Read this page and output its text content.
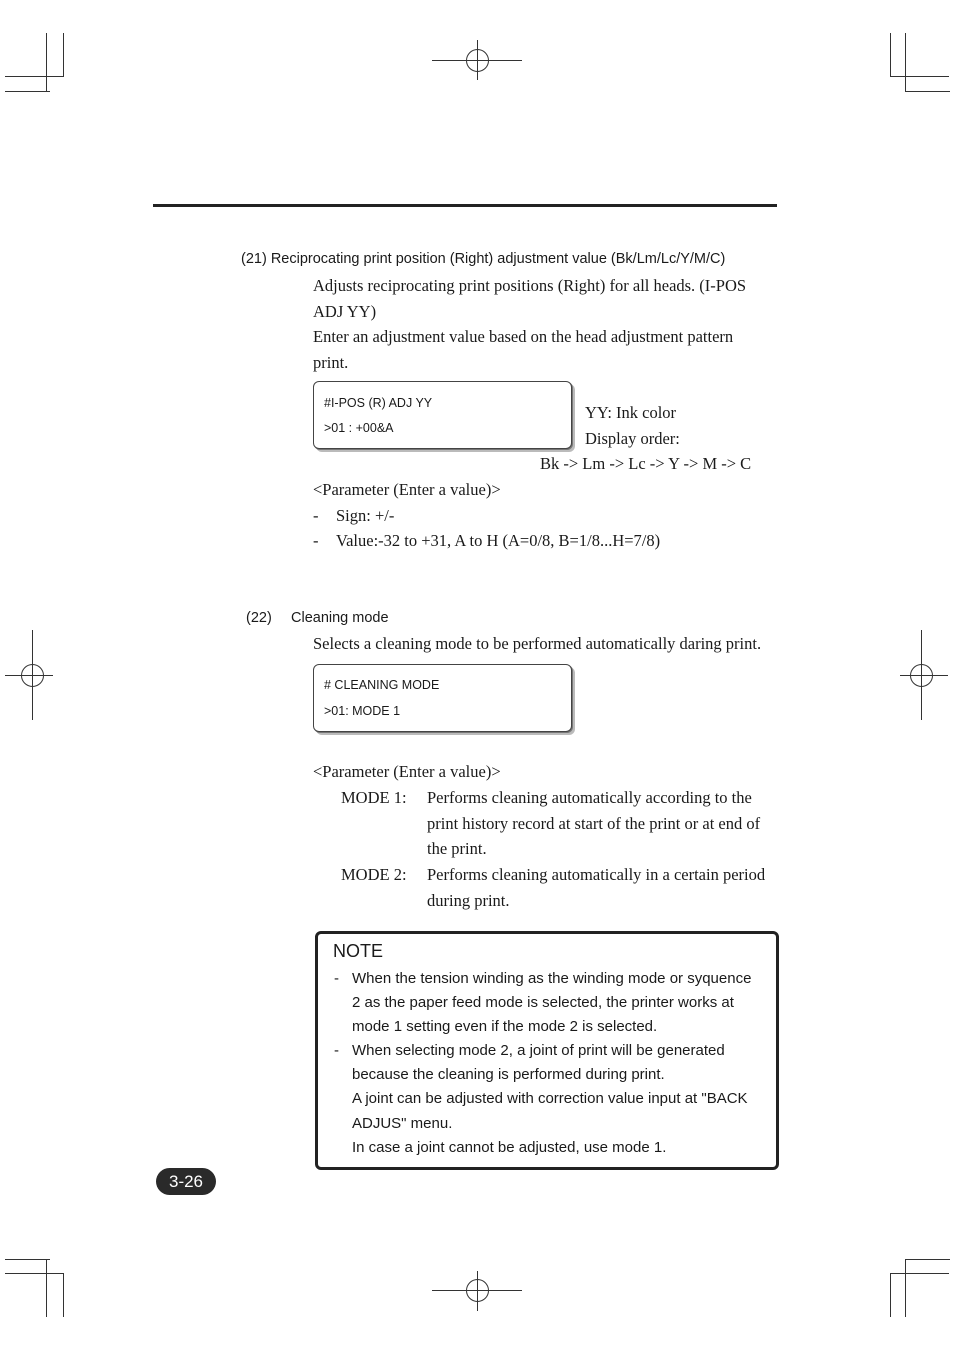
(21) Reciprocating print position (Right) adjustment value (Bk/Lm/Lc/Y/M/C)
Adjusts reciprocating print positions (Right) for all heads. (I-POS
ADJ YY)
Enter an adjustment value based on the head adjustment pattern
print.
#I-POS (R) ADJ YY
>01 : +00&A
YY: Ink color
Display order:
Bk -> Lm -> Lc -> Y -> M -> C
<Parameter (Enter a value)>
- Sign: +/-
- Value:-32 to +31, A to H (A=0/8, B=1/8...H=7/8)
(22) Cleaning mode
Selects a cleaning mode to be performed automatically daring print.
# CLEANING MODE
>01: MODE 1
<Parameter (Enter a value)>
MODE 1: Performs cleaning automatically according to the
print history record at start of the print or at end of
the print.
MODE 2: Performs cleaning automatically in a certain period
during print.
NOTE
- When the tension winding as the winding mode or syquence
2 as the paper feed mode is selected, the printer works at
mode 1 setting even if the mode 2 is selected.
- When selecting mode 2, a joint of print will be generated
because the cleaning is performed during print.
A joint can be adjusted with correction value input at "BACK
ADJUS" menu.
In case a joint cannot be adjusted, use mode 1.
3-26
